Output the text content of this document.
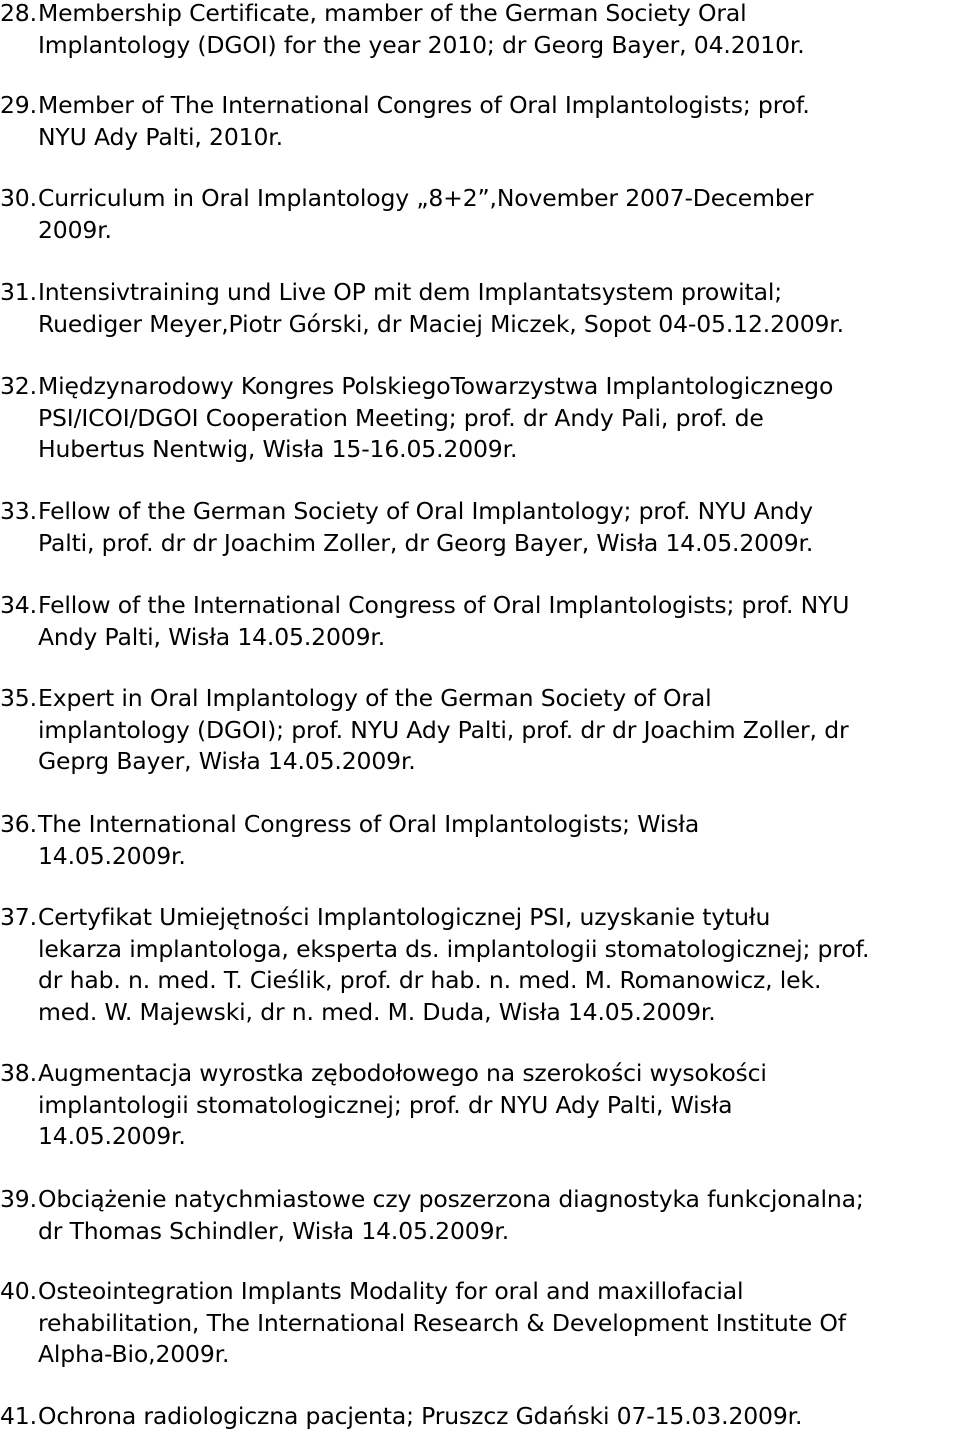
28.Membership Certificate, mamber of the German Society Oral
Implantology (DGOI) for the year 2010; dr Georg Bayer, 04.2010r.
29.Member of The International Congres of Oral Implantologists; prof.
NYU Ady Palti, 2010r.
30.Curriculum in Oral Implantology „8+2”,November 2007-December
2009r.
31.Intensivtraining und Live OP mit dem Implantatsystem prowital;
Ruediger Meyer,Piotr Górski, dr Maciej Miczek, Sopot 04-05.12.2009r.
32.Międzynarodowy Kongres PolskiegoTowarzystwa Implantologicznego
PSI/ICOI/DGOI Cooperation Meeting; prof. dr Andy Pali, prof. de
Hubertus Nentwig, Wisła 15-16.05.2009r.
33.Fellow of the German Society of Oral Implantology; prof. NYU Andy
Palti, prof. dr dr Joachim Zoller, dr Georg Bayer, Wisła 14.05.2009r.
34.Fellow of the International Congress of Oral Implantologists; prof. NYU
Andy Palti, Wisła 14.05.2009r.
35.Expert in Oral Implantology of the German Society of Oral
implantology (DGOI); prof. NYU Ady Palti, prof. dr dr Joachim Zoller, dr
Geprg Bayer, Wisła 14.05.2009r.
36.The International Congress of Oral Implantologists; Wisła
14.05.2009r.
37.Certyfikat Umiejętności Implantologicznej PSI, uzyskanie tytułu
lekarza implantologa, eksperta ds. implantologii stomatologicznej; prof.
dr hab. n. med. T. Cieślik, prof. dr hab. n. med. M. Romanowicz, lek.
med. W. Majewski, dr n. med. M. Duda, Wisła 14.05.2009r.
38.Augmentacja wyrostka zębodołowego na szerokości wysokości
implantologii stomatologicznej; prof. dr NYU Ady Palti, Wisła
14.05.2009r.
39.Obciążenie natychmiastowe czy poszerzona diagnostyka funkcjonalna;
dr Thomas Schindler, Wisła 14.05.2009r.
40.Osteointegration Implants Modality for oral and maxillofacial
rehabilitation, The International Research & Development Institute Of
Alpha-Bio,2009r.
41.Ochrona radiologiczna pacjenta; Pruszcz Gdański 07-15.03.2009r.
